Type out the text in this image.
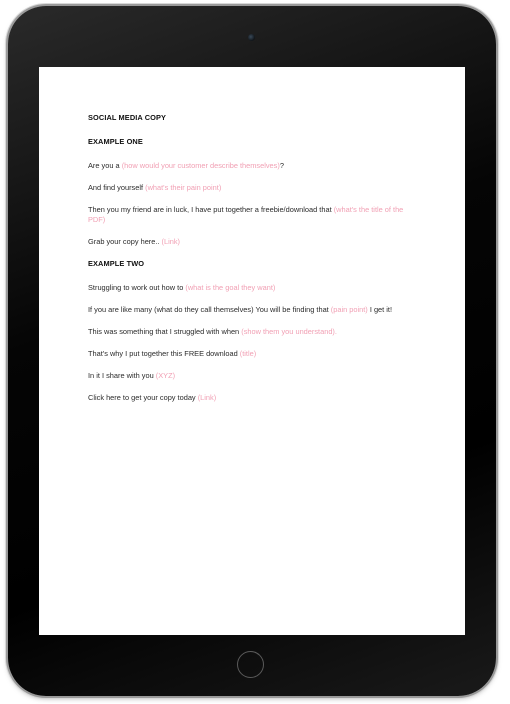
SOCIAL MEDIA COPY
EXAMPLE ONE
Are you a (how would your customer describe themselves)?
And find yourself (what's their pain point)
Then you my friend are in luck, I have put together a freebie/download that (what's the title of the PDF)
Grab your copy here.. (Link)
EXAMPLE TWO
Struggling to work out how to (what is the goal they want)
If you are like many (what do they call themselves) You will be finding that (pain point) I get it!
This was something that I struggled with when (show them you understand).
That's why I put together this FREE download (title)
In it I share with you (XYZ)
Click here to get your copy today (Link)
